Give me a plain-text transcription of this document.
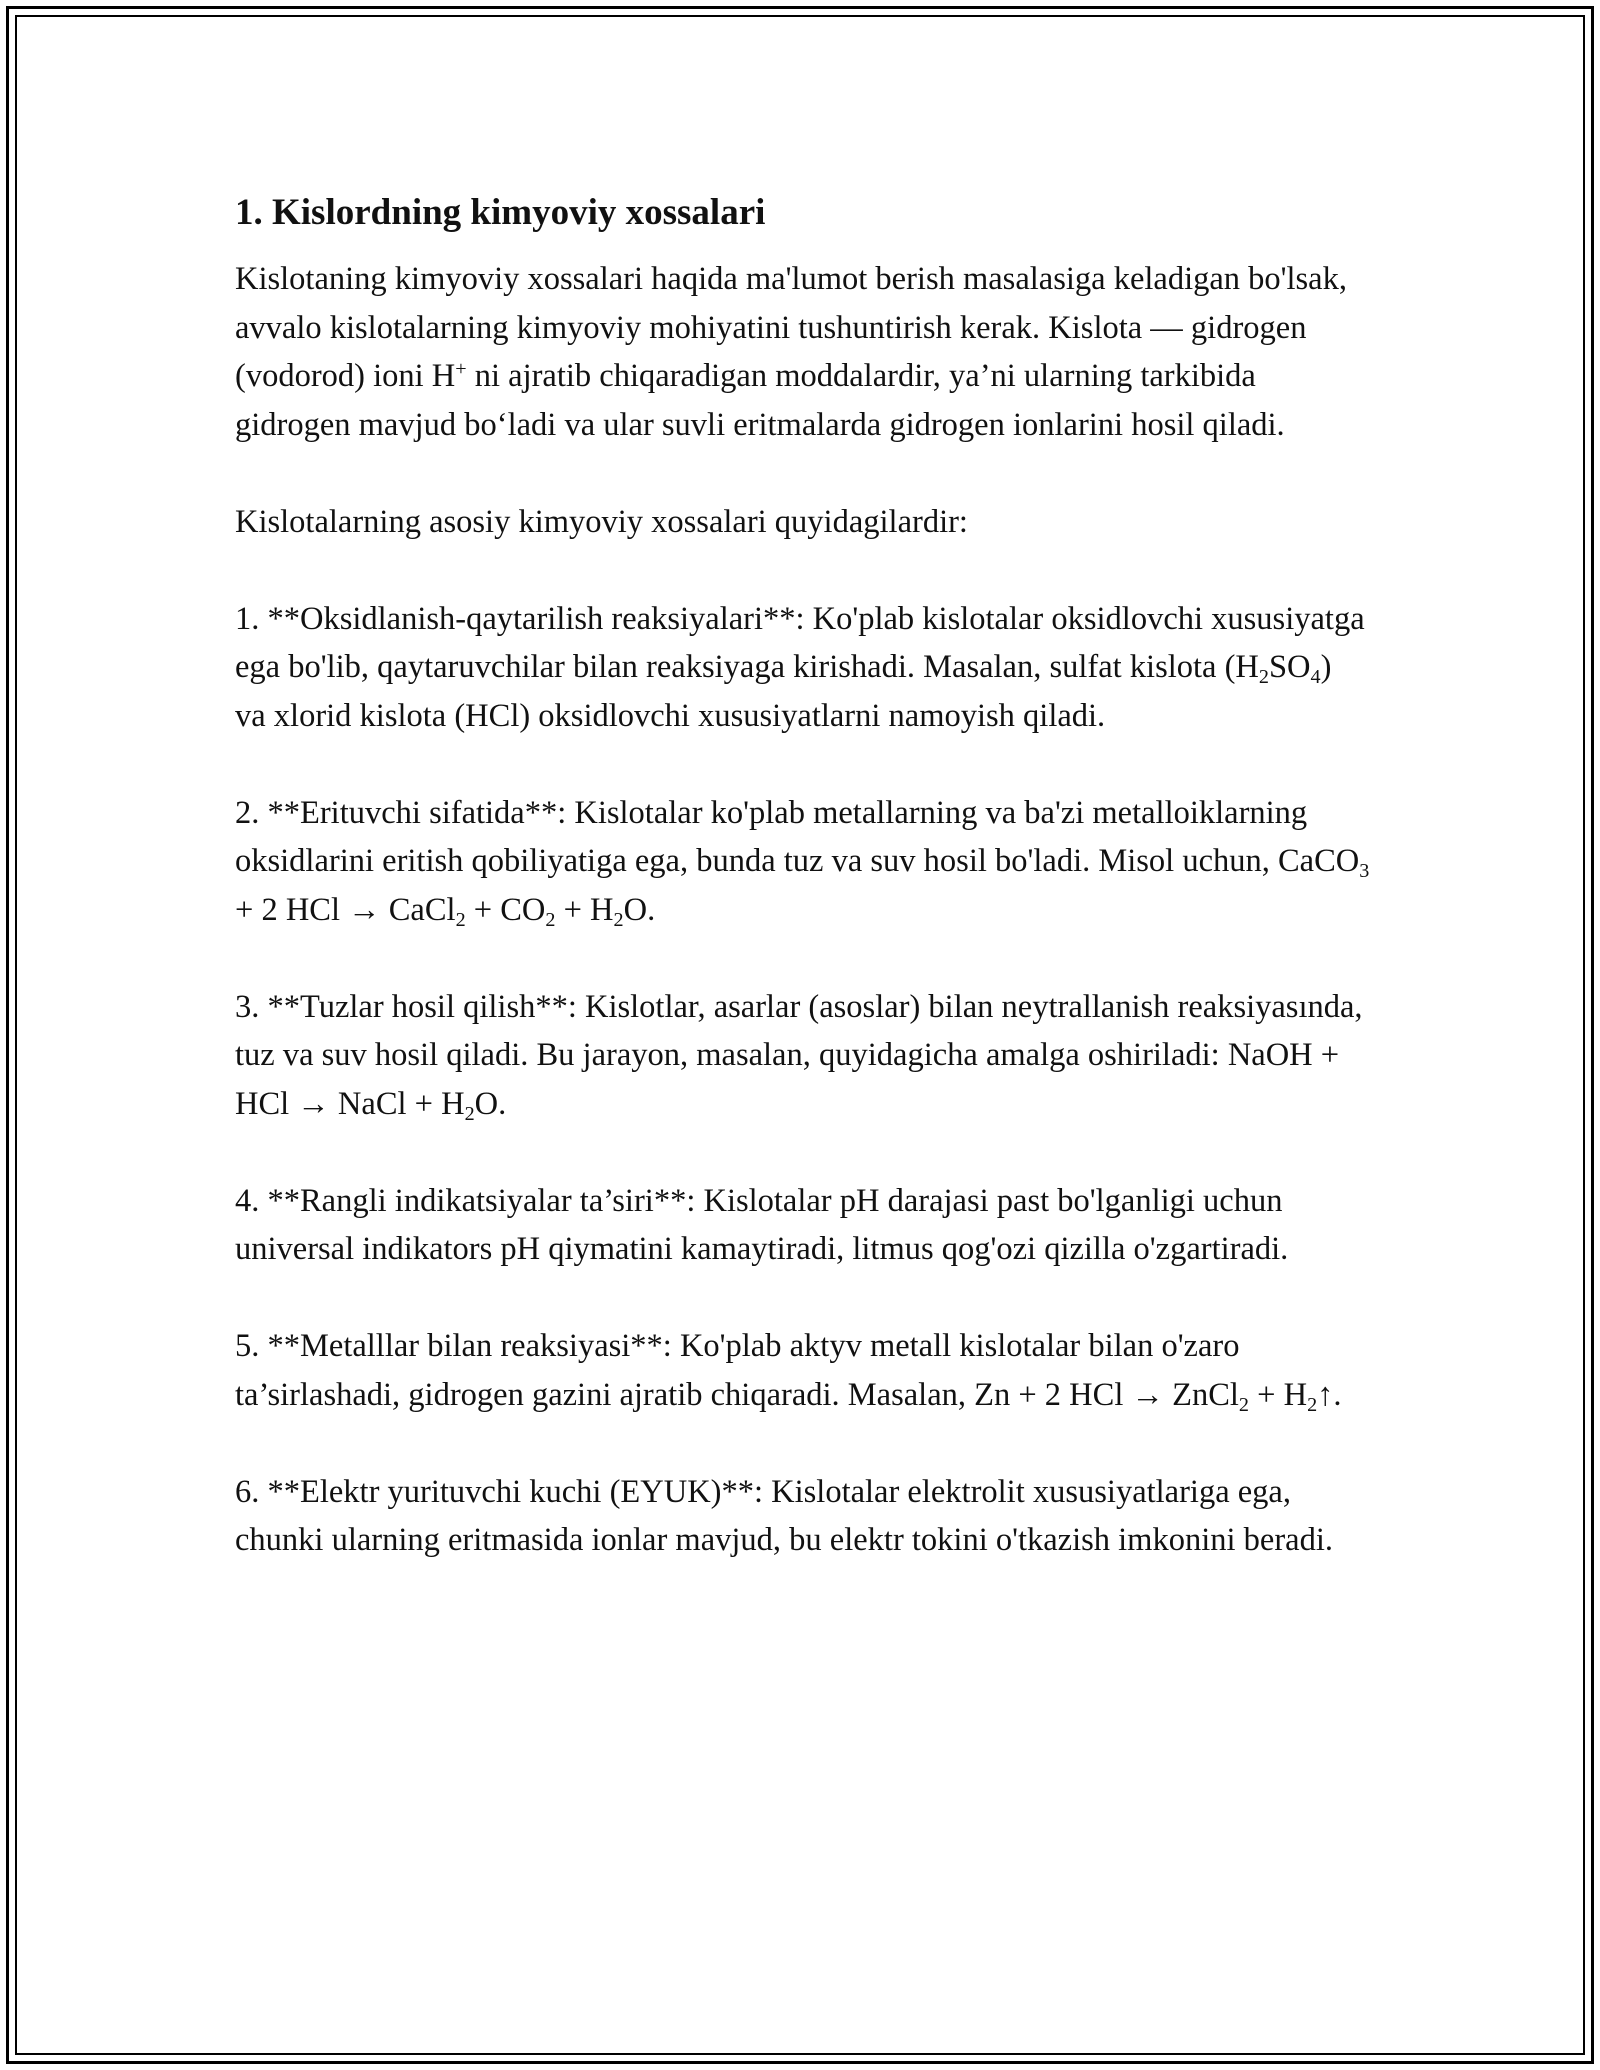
1. Kislordning kimyoviy xossalari

Kislotaning kimyoviy xossalari haqida ma'lumot berish masalasiga keladigan bo'lsak, avvalo kislotalarning kimyoviy mohiyatini tushuntirish kerak. Kislota — gidrogen (vodorod) ioni H+ ni ajratib chiqaradigan moddalardir, ya’ni ularning tarkibida gidrogen mavjud bo‘ladi va ular suvli eritmalarda gidrogen ionlarini hosil qiladi.

Kislotalarning asosiy kimyoviy xossalari quyidagilardir:

1. **Oksidlanish-qaytarilish reaksiyalari**: Ko'plab kislotalar oksidlovchi xususiyatga ega bo'lib, qaytaruvchilar bilan reaksiyaga kirishadi. Masalan, sulfat kislota $(H_2SO_4)$ va xlorid kislota (HCl) oksidlovchi xususiyatlarni namoyish qiladi.

2. **Erituvchi sifatida**: Kislotalar ko'plab metallarning va ba'zi metalloiklarning oksidlarini eritish qobiliyatiga ega, bunda tuz va suv hosil bo'ladi. Misol uchun, CaCO$_3$ + 2 HCl → CaCl$_2$ + $CO_2 + H_2O$.

3. **Tuzlar hosil qilish**: Kislotlar, asarlar (asoslar) bilan neytrallanish reaksiyasında, tuz va suv hosil qiladi. Bu jarayon, masalan, quyidagicha amalga oshiriladi: NaOH + HCl → NaCl + $H_2O$.

4. **Rangli indikatsiyalar ta’siri**: Kislotalar pH darajasi past bo'lganligi uchun universal indikators pH qiymatini kamaytiradi, litmus qog'ozi qizilla o'zgartiradi.

5. **Metalllar bilan reaksiyasi**: Ko'plab aktyv metall kislotalar bilan o'zaro ta’sirlashadi, gidrogen gazini ajratib chiqaradi. Masalan, Zn + 2 HCl → ZnCl$_2$ + $H_2↑$.

6. **Elektr yurituvchi kuchi (EYUK)**: Kislotalar elektrolit xususiyatlariga ega, chunki ularning eritmasida ionlar mavjud, bu elektr tokini o'tkazish imkonini beradi.
